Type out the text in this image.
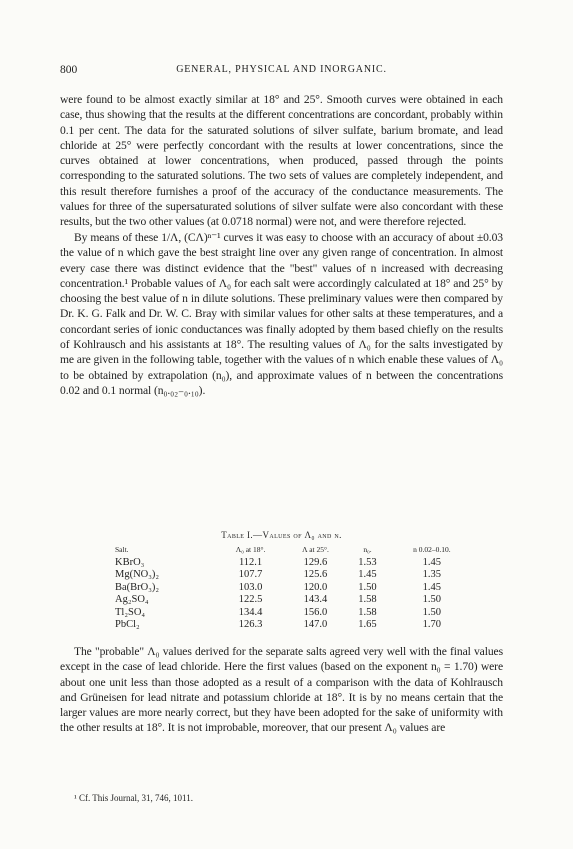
800	GENERAL, PHYSICAL AND INORGANIC.

were found to be almost exactly similar at 18° and 25°. Smooth curves were obtained in each case, thus showing that the results at the different concentrations are concordant, probably within 0.1 per cent. The data for the saturated solutions of silver sulfate, barium bromate, and lead chloride at 25° were perfectly concordant with the results at lower concentrations, since the curves obtained at lower concentrations, when produced, passed through the points corresponding to the saturated solutions. The two sets of values are completely independent, and this result therefore furnishes a proof of the accuracy of the conductance measurements. The values for three of the supersaturated solutions of silver sulfate were also concordant with these results, but the two other values (at 0.0718 normal) were not, and were therefore rejected.

By means of these 1/Λ, (CΛ)ⁿ⁻¹ curves it was easy to choose with an accuracy of about ±0.03 the value of n which gave the best straight line over any given range of concentration. In almost every case there was distinct evidence that the "best" values of n increased with decreasing concentration.¹ Probable values of Λ₀ for each salt were accordingly calculated at 18° and 25° by choosing the best value of n in dilute solutions. These preliminary values were then compared by Dr. K. G. Falk and Dr. W. C. Bray with similar values for other salts at these temperatures, and a concordant series of ionic conductances was finally adopted by them based chiefly on the results of Kohlrausch and his assistants at 18°. The resulting values of Λ₀ for the salts investigated by me are given in the following table, together with the values of n which enable these values of Λ₀ to be obtained by extrapolation (n₀), and approximate values of n between the concentrations 0.02 and 0.1 normal (n₀.₀₂₋₀.₁₀).

Table I.—Values of Λ₀ and n.
Salt.	Λ₀ at 18°.	Λ at 25°.	n₀.	n 0.02–0.10.
KBrO₃	112.1	129.6	1.53	1.45
Mg(NO₃)₂	107.7	125.6	1.45	1.35
Ba(BrO₃)₂	103.0	120.0	1.50	1.45
Ag₂SO₄	122.5	143.4	1.58	1.50
Tl₂SO₄	134.4	156.0	1.58	1.50
PbCl₂	126.3	147.0	1.65	1.70

The "probable" Λ₀ values derived for the separate salts agreed very well with the final values except in the case of lead chloride. Here the first values (based on the exponent n₀ = 1.70) were about one unit less than those adopted as a result of a comparison with the data of Kohlrausch and Grüneisen for lead nitrate and potassium chloride at 18°. It is by no means certain that the larger values are more nearly correct, but they have been adopted for the sake of uniformity with the other results at 18°. It is not improbable, moreover, that our present Λ₀ values are

¹ Cf. This Journal, 31, 746, 1011.
